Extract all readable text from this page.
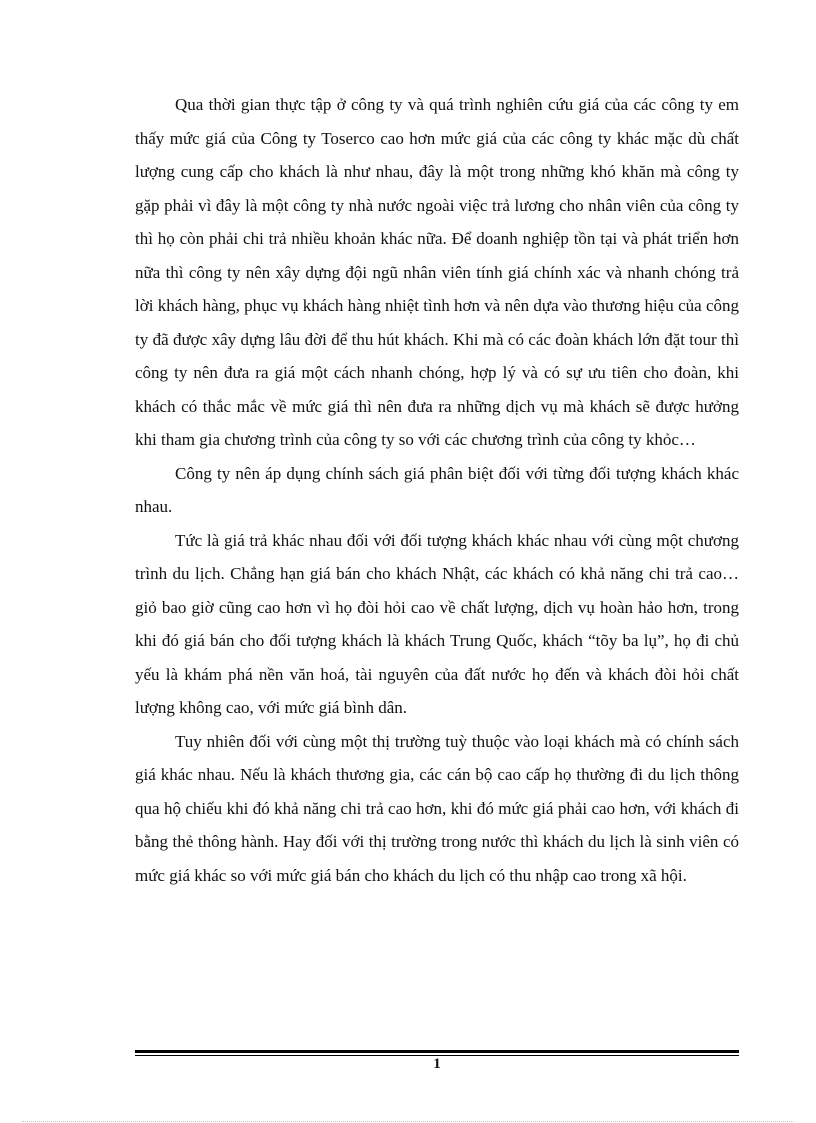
Qua thời gian thực tập ở công ty và quá trình nghiên cứu giá của các công ty em thấy mức giá của Công ty Toserco cao hơn mức giá của các công ty khác mặc dù chất lượng cung cấp cho khách là như nhau, đây là một trong những khó khăn mà công ty gặp phải vì đây là một công ty nhà nước ngoài việc trả lương cho nhân viên của công ty thì họ còn phải chi trả nhiều khoản khác nữa. Để doanh nghiệp tồn tại và phát triển hơn nữa thì công ty nên xây dựng đội ngũ nhân viên tính giá chính xác và nhanh chóng trả lời khách hàng, phục vụ khách hàng nhiệt tình hơn và nên dựa vào thương hiệu của công ty đã được xây dựng lâu đời để thu hút khách. Khi mà có các đoàn khách lớn đặt tour thì công ty nên đưa ra giá một cách nhanh chóng, hợp lý và có sự ưu tiên cho đoàn, khi khách có thắc mắc về mức giá thì nên đưa ra những dịch vụ mà khách sẽ được hưởng khi tham gia chương trình của công ty so với các chương trình của công ty khỏc…

Công ty nên áp dụng chính sách giá phân biệt đối với từng đối tượng khách khác nhau.

Tức là giá trả khác nhau đối với đối tượng khách khác nhau với cùng một chương trình du lịch. Chẳng hạn giá bán cho khách Nhật, các khách có khả năng chi trả cao…giỏ bao giờ cũng cao hơn vì họ đòi hỏi cao về chất lượng, dịch vụ hoàn hảo hơn, trong khi đó giá bán cho đối tượng khách là khách Trung Quốc, khách “tõy ba lụ”, họ đi chủ yếu là khám phá nền văn hoá, tài nguyên của đất nước họ đến và khách đòi hỏi chất lượng không cao, với mức giá bình dân.

Tuy nhiên đối với cùng một thị trường tuỳ thuộc vào loại khách mà có chính sách giá khác nhau. Nếu là khách thương gia, các cán bộ cao cấp họ thường đi du lịch thông qua hộ chiếu khi đó khả năng chi trả cao hơn, khi đó mức giá phải cao hơn, với khách đi bằng thẻ thông hành. Hay đối với thị trường trong nước thì khách du lịch là sinh viên có mức giá khác so với mức giá bán cho khách du lịch có thu nhập cao trong xã hội.

1
